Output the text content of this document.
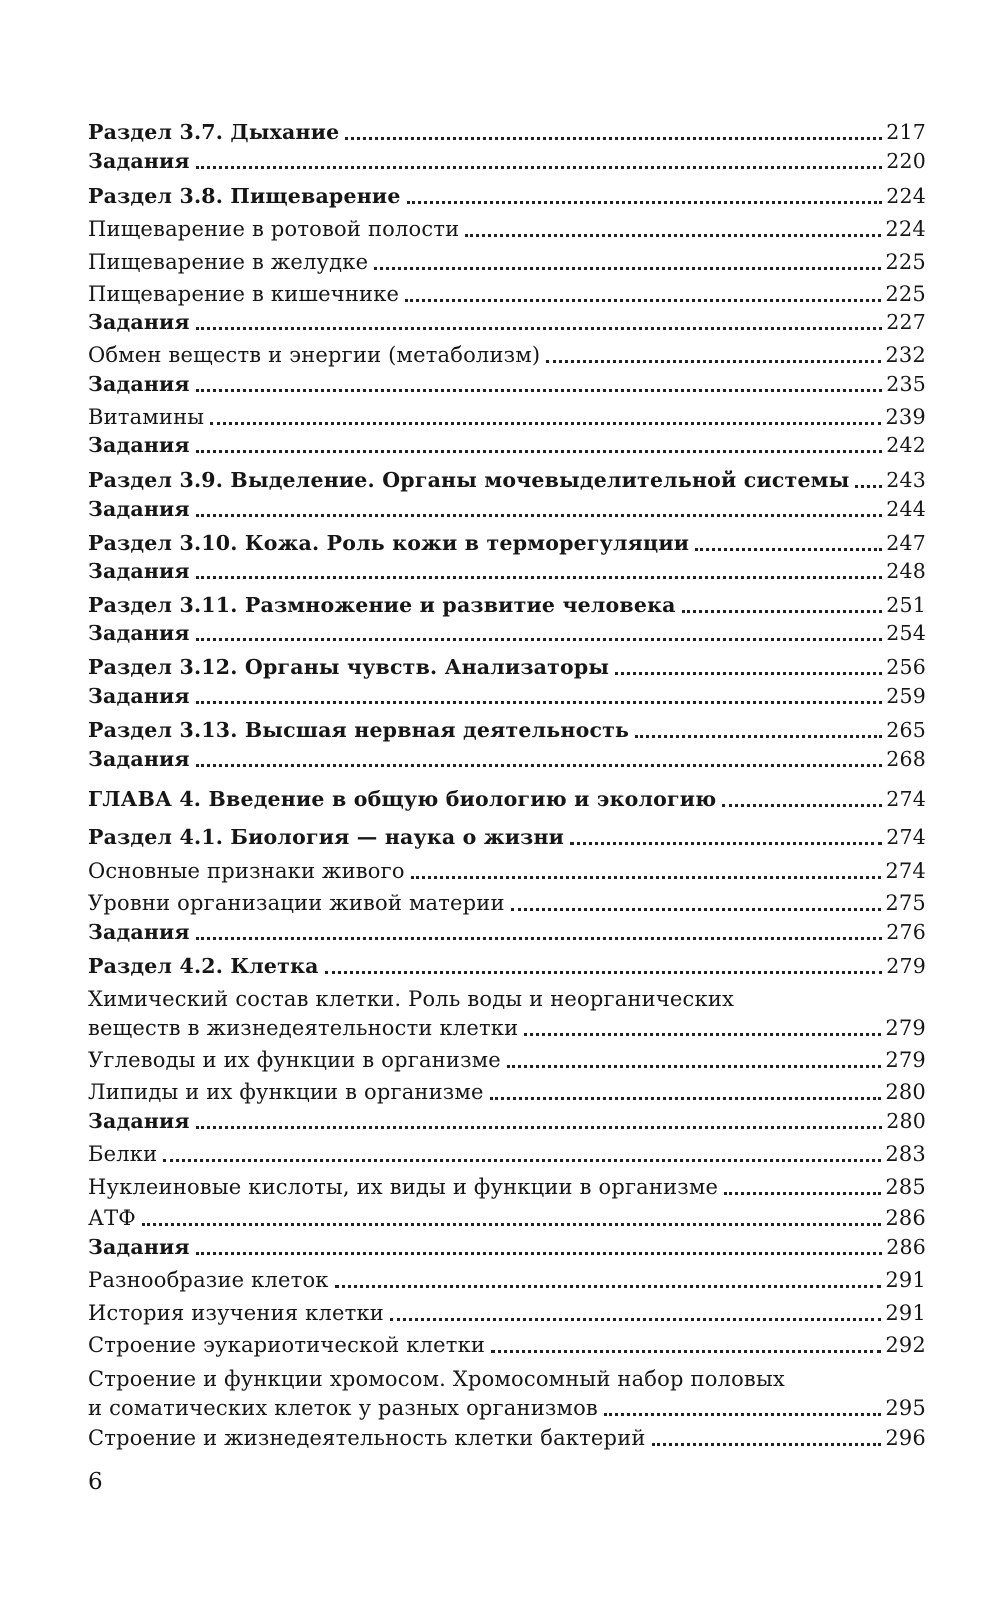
Раздел 3.7. Дыхание	217
Задания	220
Раздел 3.8. Пищеварение	224
Пищеварение в ротовой полости	224
Пищеварение в желудке	225
Пищеварение в кишечнике	225
Задания	227
Обмен веществ и энергии (метаболизм)	232
Задания	235
Витамины	239
Задания	242
Раздел 3.9. Выделение. Органы мочевыделительной системы 243
Задания	244
Раздел 3.10. Кожа. Роль кожи в терморегуляции	247
Задания	248
Раздел 3.11. Размножение и развитие человека	251
Задания	254
Раздел 3.12. Органы чувств. Анализаторы	256
Задания	259
Раздел 3.13. Высшая нервная деятельность	265
Задания	268
ГЛАВА 4. Введение в общую биологию и экологию	274
Раздел 4.1. Биология — наука о жизни	274
Основные признаки живого	274
Уровни организации живой материи	275
Задания	276
Раздел 4.2. Клетка	279
Химический состав клетки. Роль воды и неорганических
веществ в жизнедеятельности клетки	279
Углеводы и их функции в организме	279
Липиды и их функции в организме	280
Задания	280
Белки	283
Нуклеиновые кислоты, их виды и функции в организме	285
АТФ	286
Задания	286
Разнообразие клеток	291
История изучения клетки	291
Строение эукариотической клетки	292
Строение и функции хромосом. Хромосомный набор половых
и соматических клеток у разных организмов	295
Строение и жизнедеятельность клетки бактерий	296
6
